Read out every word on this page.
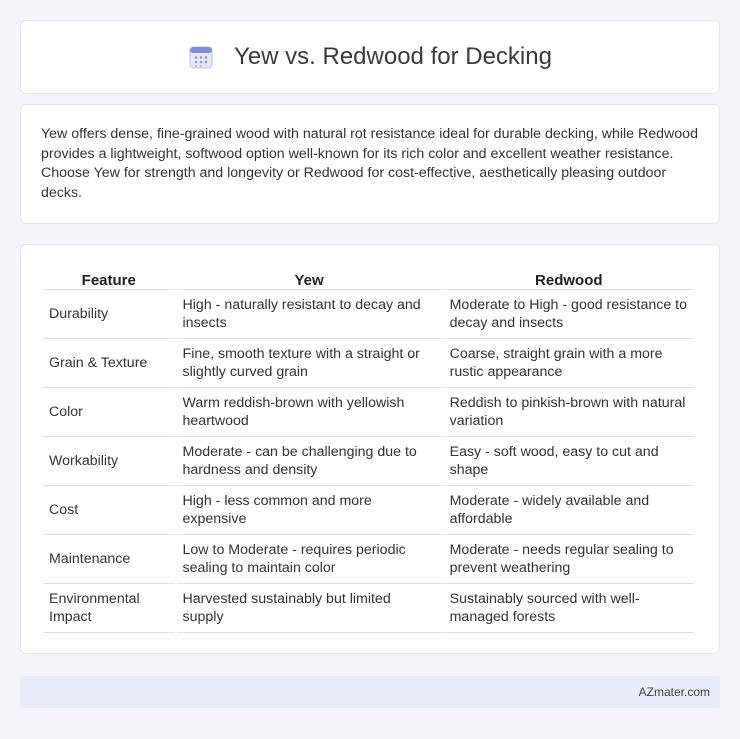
Yew vs. Redwood for Decking

Yew offers dense, fine-grained wood with natural rot resistance ideal for durable decking, while Redwood provides a lightweight, softwood option well-known for its rich color and excellent weather resistance. Choose Yew for strength and longevity or Redwood for cost-effective, aesthetically pleasing outdoor decks.

Feature	Yew	Redwood
Durability	High - naturally resistant to decay and insects	Moderate to High - good resistance to decay and insects
Grain & Texture	Fine, smooth texture with a straight or slightly curved grain	Coarse, straight grain with a more rustic appearance
Color	Warm reddish-brown with yellowish heartwood	Reddish to pinkish-brown with natural variation
Workability	Moderate - can be challenging due to hardness and density	Easy - soft wood, easy to cut and shape
Cost	High - less common and more expensive	Moderate - widely available and affordable
Maintenance	Low to Moderate - requires periodic sealing to maintain color	Moderate - needs regular sealing to prevent weathering
Environmental Impact	Harvested sustainably but limited supply	Sustainably sourced with well-managed forests
AZmater.com
